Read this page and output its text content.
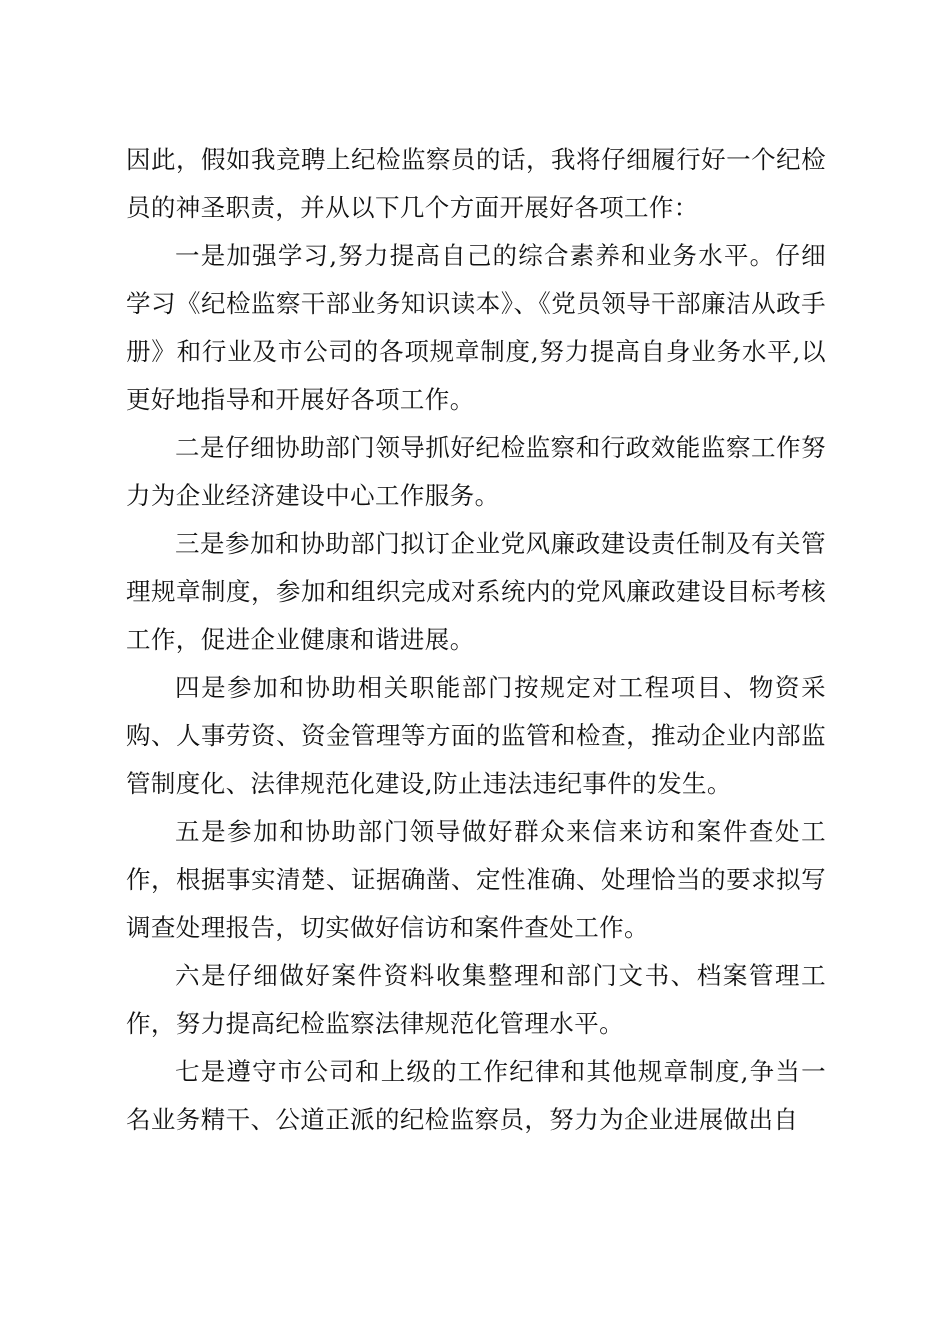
因此，假如我竞聘上纪检监察员的话，我将仔细履行好一个纪检员的神圣职责，并从以下几个方面开展好各项工作：

一是加强学习,努力提高自己的综合素养和业务水平。仔细学习《纪检监察干部业务知识读本》、《党员领导干部廉洁从政手册》和行业及市公司的各项规章制度,努力提高自身业务水平,以更好地指导和开展好各项工作。

二是仔细协助部门领导抓好纪检监察和行政效能监察工作努力为企业经济建设中心工作服务。

三是参加和协助部门拟订企业党风廉政建设责任制及有关管理规章制度，参加和组织完成对系统内的党风廉政建设目标考核工作，促进企业健康和谐进展。

四是参加和协助相关职能部门按规定对工程项目、物资采购、人事劳资、资金管理等方面的监管和检查，推动企业内部监管制度化、法律规范化建设,防止违法违纪事件的发生。

五是参加和协助部门领导做好群众来信来访和案件查处工作，根据事实清楚、证据确凿、定性准确、处理恰当的要求拟写调查处理报告，切实做好信访和案件查处工作。

六是仔细做好案件资料收集整理和部门文书、档案管理工作，努力提高纪检监察法律规范化管理水平。

七是遵守市公司和上级的工作纪律和其他规章制度,争当一名业务精干、公道正派的纪检监察员，努力为企业进展做出自
